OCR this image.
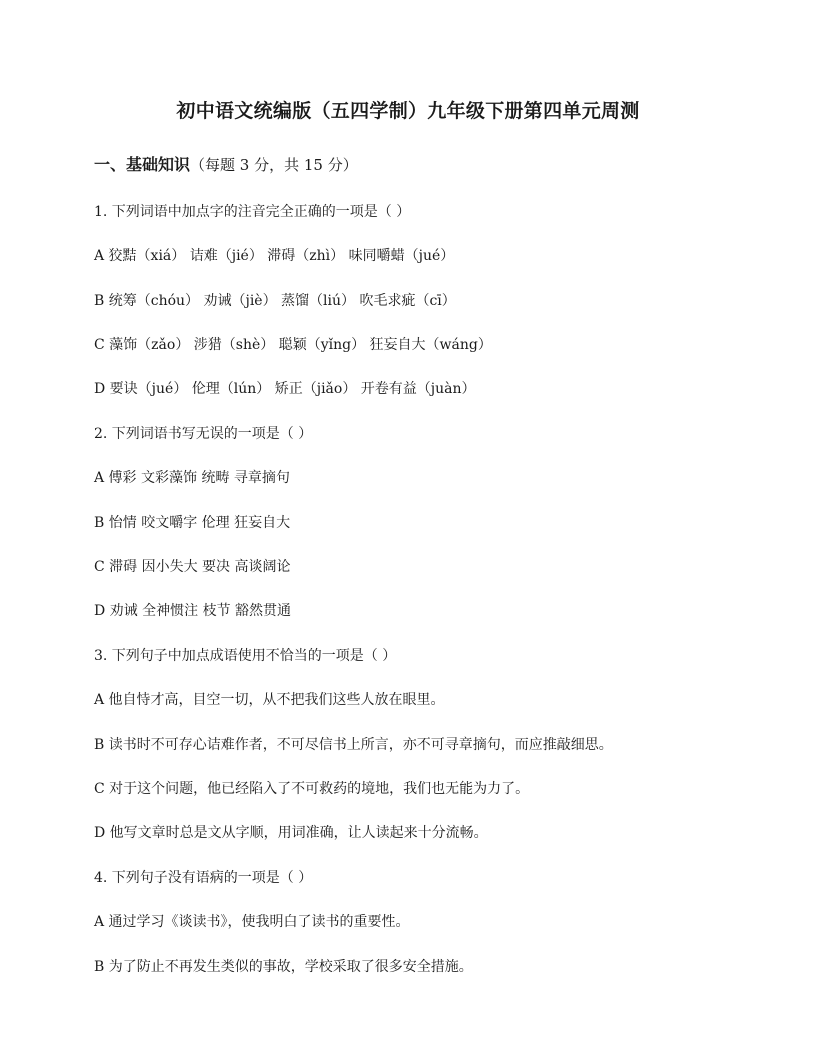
初中语文统编版（五四学制）九年级下册第四单元周测
一、基础知识（每题 3 分，共 15 分）
1. 下列词语中加点字的注音完全正确的一项是（ ）
A 狡黠（xiá） 诘难（jié） 滞碍（zhì） 味同嚼蜡（jué）
B 统筹（chóu） 劝诫（jiè） 蒸馏（liú） 吹毛求疵（cī）
C 藻饰（zǎo） 涉猎（shè） 聪颖（yǐng） 狂妄自大（wáng）
D 要诀（jué） 伦理（lún） 矫正（jiǎo） 开卷有益（juàn）
2. 下列词语书写无误的一项是（ ）
A 傅彩 文彩藻饰 统畴 寻章摘句
B 怡情 咬文嚼字 伦理 狂妄自大
C 滞碍 因小失大 要决 高谈阔论
D 劝诫 全神惯注 枝节 豁然贯通
3. 下列句子中加点成语使用不恰当的一项是（ ）
A 他自恃才高，目空一切，从不把我们这些人放在眼里。
B 读书时不可存心诘难作者，不可尽信书上所言，亦不可寻章摘句，而应推敲细思。
C 对于这个问题，他已经陷入了不可救药的境地，我们也无能为力了。
D 他写文章时总是文从字顺，用词准确，让人读起来十分流畅。
4. 下列句子没有语病的一项是（ ）
A 通过学习《谈读书》，使我明白了读书的重要性。
B 为了防止不再发生类似的事故，学校采取了很多安全措施。
